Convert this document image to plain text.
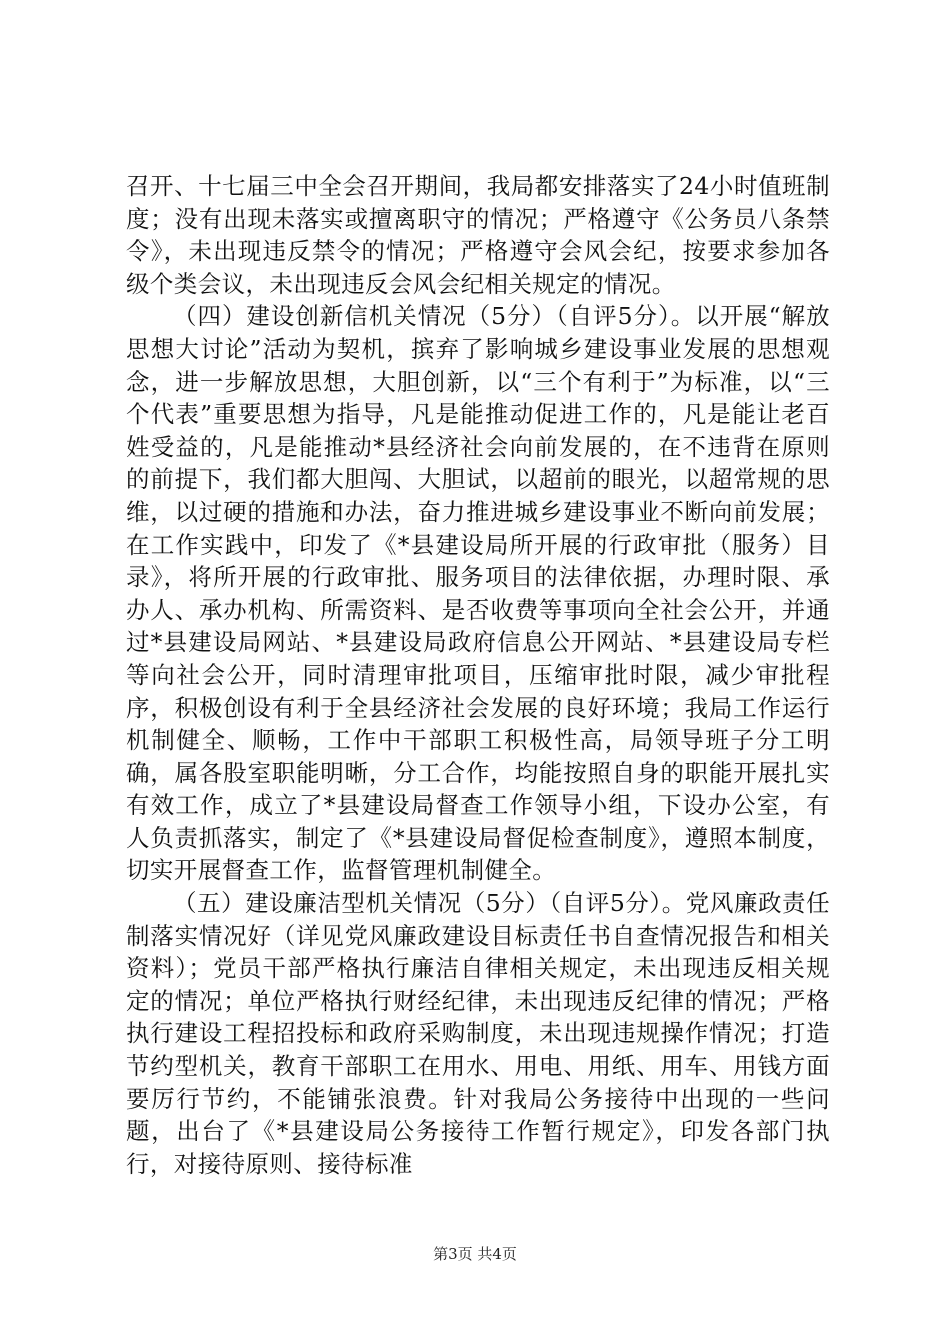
召开、十七届三中全会召开期间，我局都安排落实了24小时值班制度；没有出现未落实或擅离职守的情况；严格遵守《公务员八条禁令》，未出现违反禁令的情况；严格遵守会风会纪，按要求参加各级个类会议，未出现违反会风会纪相关规定的情况。

（四）建设创新信机关情况（5分）（自评5分）。以开展“解放思想大讨论”活动为契机，摈弃了影响城乡建设事业发展的思想观念，进一步解放思想，大胆创新，以“三个有利于”为标准，以“三个代表”重要思想为指导，凡是能推动促进工作的，凡是能让老百姓受益的，凡是能推动*县经济社会向前发展的，在不违背在原则的前提下，我们都大胆闯、大胆试，以超前的眼光，以超常规的思维，以过硬的措施和办法，奋力推进城乡建设事业不断向前发展；在工作实践中，印发了《*县建设局所开展的行政审批（服务）目录》，将所开展的行政审批、服务项目的法律依据，办理时限、承办人、承办机构、所需资料、是否收费等事项向全社会公开，并通过*县建设局网站、*县建设局政府信息公开网站、*县建设局专栏等向社会公开，同时清理审批项目，压缩审批时限，减少审批程序，积极创设有利于全县经济社会发展的良好环境；我局工作运行机制健全、顺畅，工作中干部职工积极性高，局领导班子分工明确，属各股室职能明晰，分工合作，均能按照自身的职能开展扎实有效工作，成立了*县建设局督查工作领导小组，下设办公室，有人负责抓落实，制定了《*县建设局督促检查制度》，遵照本制度，切实开展督查工作，监督管理机制健全。

（五）建设廉洁型机关情况（5分）（自评5分）。党风廉政责任制落实情况好（详见党风廉政建设目标责任书自查情况报告和相关资料）；党员干部严格执行廉洁自律相关规定，未出现违反相关规定的情况；单位严格执行财经纪律，未出现违反纪律的情况；严格执行建设工程招投标和政府采购制度，未出现违规操作情况；打造节约型机关，教育干部职工在用水、用电、用纸、用车、用钱方面要厉行节约，不能铺张浪费。针对我局公务接待中出现的一些问题，出台了《*县建设局公务接待工作暂行规定》，印发各部门执行，对接待原则、接待标准

第3页 共4页
